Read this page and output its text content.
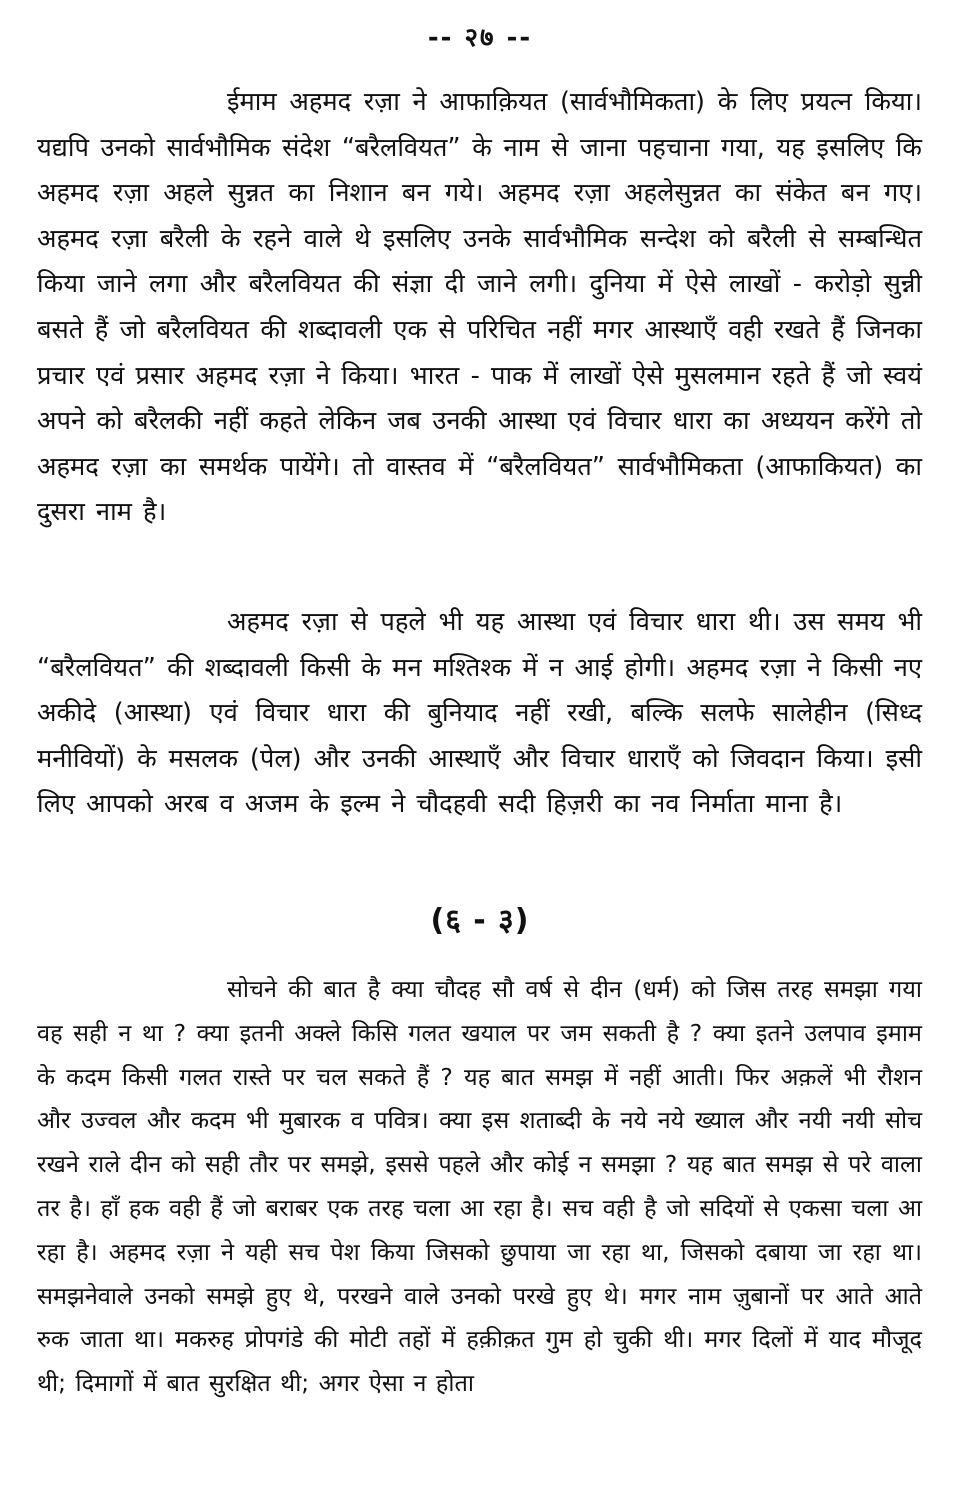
-- २७ --

ईमाम अहमद रज़ा ने आफाक़ियत (सार्वभौमिकता) के लिए प्रयत्न किया। यद्यपि उनको सार्वभौमिक संदेश “बरैलवियत” के नाम से जाना पहचाना गया, यह इसलिए कि अहमद रज़ा अहले सुन्नत का निशान बन गये। अहमद रज़ा अहलेसुन्नत का संकेत बन गए। अहमद रज़ा बरैली के रहने वाले थे इसलिए उनके सार्वभौमिक सन्देश को बरैली से सम्बन्धित किया जाने लगा और बरैलवियत की संज्ञा दी जाने लगी। दुनिया में ऐसे लाखों - करोड़ो सुन्नी बसते हैं जो बरैलवियत की शब्दावली एक से परिचित नहीं मगर आस्थाएँ वही रखते हैं जिनका प्रचार एवं प्रसार अहमद रज़ा ने किया। भारत - पाक में लाखों ऐसे मुसलमान रहते हैं जो स्वयं अपने को बरैलकी नहीं कहते लेकिन जब उनकी आस्था एवं विचार धारा का अध्ययन करेंगे तो अहमद रज़ा का समर्थक पायेंगे। तो वास्तव में “बरैलवियत” सार्वभौमिकता (आफाकियत) का दुसरा नाम है।

अहमद रज़ा से पहले भी यह आस्था एवं विचार धारा थी। उस समय भी “बरैलवियत” की शब्दावली किसी के मन मश्तिश्क में न आई होगी। अहमद रज़ा ने किसी नए अकीदे (आस्था) एवं विचार धारा की बुनियाद नहीं रखी, बल्कि सलफे सालेहीन (सिध्द मनीवियों) के मसलक (पेल) और उनकी आस्थाएँ और विचार धाराएँ को जिवदान किया। इसी लिए आपको अरब व अजम के इल्म ने चौदहवी सदी हिज़री का नव निर्माता माना है।

(६ - ३)

सोचने की बात है क्या चौदह सौ वर्ष से दीन (धर्म) को जिस तरह समझा गया वह सही न था ? क्या इतनी अक्ले किसि गलत खयाल पर जम सकती है ? क्या इतने उलपाव इमाम के कदम किसी गलत रास्ते पर चल सकते हैं ? यह बात समझ में नहीं आती। फिर अक़लें भी रौशन और उज्वल और कदम भी मुबारक व पवित्र। क्या इस शताब्दी के नये नये ख्याल और नयी नयी सोच रखने राले दीन को सही तौर पर समझे, इससे पहले और कोई न समझा ? यह बात समझ से परे वाला तर है। हाँ हक वही हैं जो बराबर एक तरह चला आ रहा है। सच वही है जो सदियों से एकसा चला आ रहा है। अहमद रज़ा ने यही सच पेश किया जिसको छुपाया जा रहा था, जिसको दबाया जा रहा था। समझनेवाले उनको समझे हुए थे, परखने वाले उनको परखे हुए थे। मगर नाम ज़ुबानों पर आते आते रुक जाता था। मकरुह प्रोपगंडे की मोटी तहों में हक़ीक़त गुम हो चुकी थी। मगर दिलों में याद मौजूद थी; दिमागों में बात सुरक्षित थी; अगर ऐसा न होता
